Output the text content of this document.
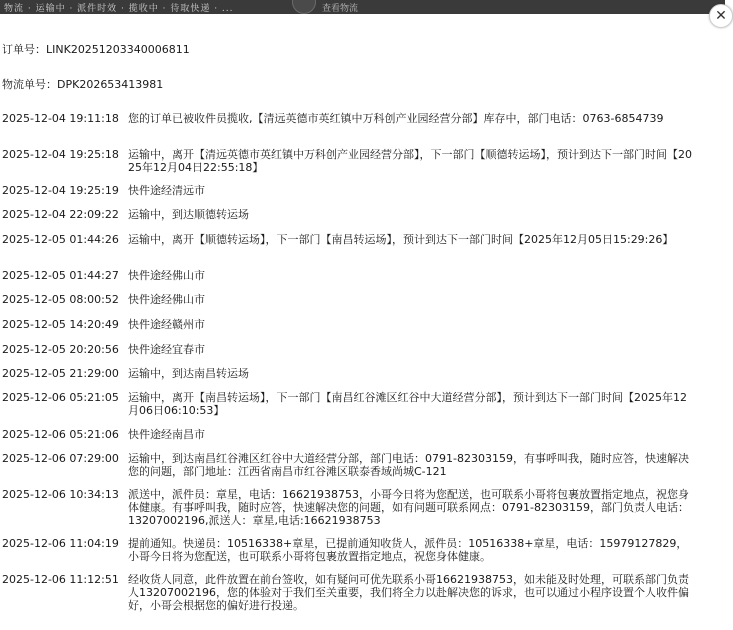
物流 · 运输中 · 派件时效 · 揽收中 · 待取快递 · ...	查看物流	✕
订单号：LINK20251203340006811
物流单号：DPK202653413981
2025-12-04 19:11:18 您的订单已被收件员揽收,【清远英德市英红镇中万科创产业园经营分部】库存中，部门电话：0763-6854739
2025-12-04 19:25:18 运输中，离开【清远英德市英红镇中万科创产业园经营分部】，下一部门【顺德转运场】，预计到达下一部门时间【2025年12月04日22:55:18】
2025-12-04 19:25:19 快件途经清远市
2025-12-04 22:09:22 运输中，到达顺德转运场
2025-12-05 01:44:26 运输中，离开【顺德转运场】，下一部门【南昌转运场】，预计到达下一部门时间【2025年12月05日15:29:26】
2025-12-05 01:44:27 快件途经佛山市
2025-12-05 08:00:52 快件途经佛山市
2025-12-05 14:20:49 快件途经赣州市
2025-12-05 20:20:56 快件途经宜春市
2025-12-05 21:29:00 运输中，到达南昌转运场
2025-12-06 05:21:05 运输中，离开【南昌转运场】，下一部门【南昌红谷滩区红谷中大道经营分部】，预计到达下一部门时间【2025年12月06日06:10:53】
2025-12-06 05:21:06 快件途经南昌市
2025-12-06 07:29:00 运输中，到达南昌红谷滩区红谷中大道经营分部，部门电话：0791-82303159，有事呼叫我，随时应答，快速解决您的问题，部门地址：江西省南昌市红谷滩区联泰香域尚城C-121
2025-12-06 10:34:13 派送中，派件员：章星，电话：16621938753，小哥今日将为您配送，也可联系小哥将包裹放置指定地点，祝您身体健康。有事呼叫我，随时应答，快速解决您的问题，如有问题可联系网点：0791-82303159，部门负责人电话：13207002196,派送人：章星,电话:16621938753
2025-12-06 11:04:19 提前通知。快递员：10516338+章星，已提前通知收货人，派件员：10516338+章星，电话：15979127829，小哥今日将为您配送，也可联系小哥将包裹放置指定地点，祝您身体健康。
2025-12-06 11:12:51 经收货人同意，此件放置在前台签收，如有疑问可优先联系小哥16621938753，如未能及时处理，可联系部门负责人13207002196，您的体验对于我们至关重要，我们将全力以赴解决您的诉求，也可以通过小程序设置个人收件偏好，小哥会根据您的偏好进行投递。
